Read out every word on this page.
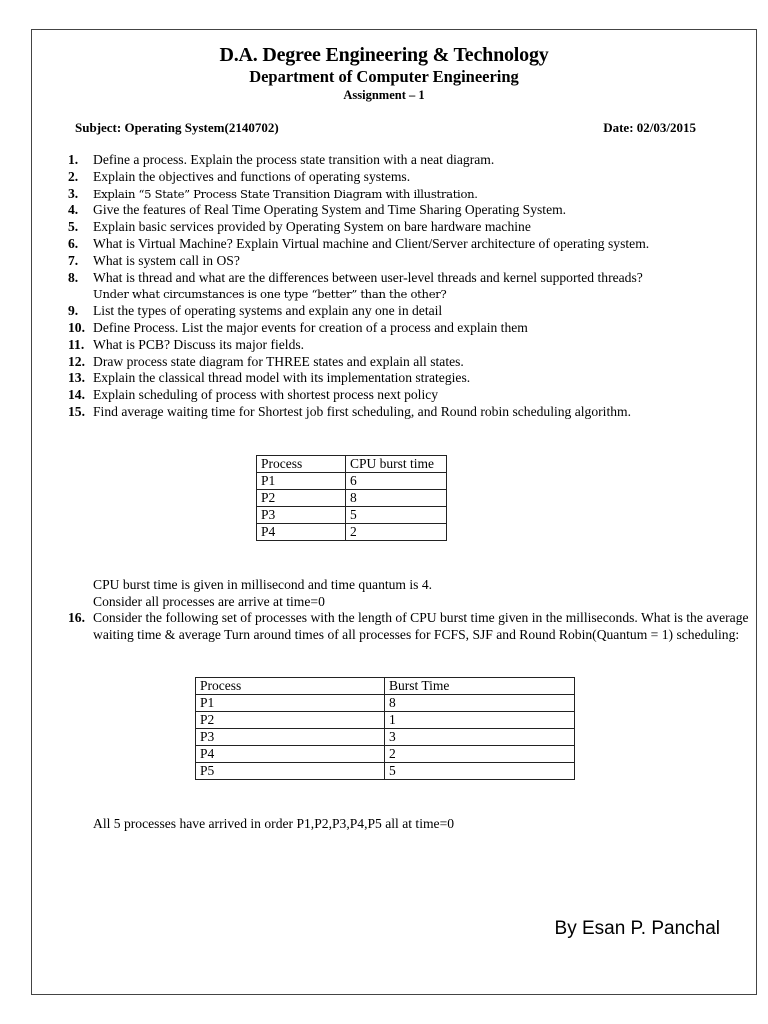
D.A. Degree Engineering & Technology
Department of Computer Engineering
Assignment – 1
Subject: Operating System(2140702)	Date: 02/03/2015
1. Define a process. Explain the process state transition with a neat diagram.
2. Explain the objectives and functions of operating systems.
3. Explain “5 State” Process State Transition Diagram with illustration.
4. Give the features of Real Time Operating System and Time Sharing Operating System.
5. Explain basic services provided by Operating System on bare hardware machine
6. What is Virtual Machine? Explain Virtual machine and Client/Server architecture of operating system.
7. What is system call in OS?
8. What is thread and what are the differences between user-level threads and kernel supported threads?
Under what circumstances is one type “better” than the other?
9. List the types of operating systems and explain any one in detail
10. Define Process. List the major events for creation of a process and explain them
11. What is PCB? Discuss its major fields.
12. Draw process state diagram for THREE states and explain all states.
13. Explain the classical thread model with its implementation strategies.
14. Explain scheduling of process with shortest process next policy
15. Find average waiting time for Shortest job first scheduling, and Round robin scheduling algorithm.
Process	CPU burst time
P1	6
P2	8
P3	5
P4	2
CPU burst time is given in millisecond and time quantum is 4.
Consider all processes are arrive at time=0
16. Consider the following set of processes with the length of CPU burst time given in the milliseconds. What is the average waiting time & average Turn around times of all processes for FCFS, SJF and Round Robin(Quantum = 1) scheduling:
Process	Burst Time
P1	8
P2	1
P3	3
P4	2
P5	5
All 5 processes have arrived in order P1,P2,P3,P4,P5 all at time=0
By Esan P. Panchal
